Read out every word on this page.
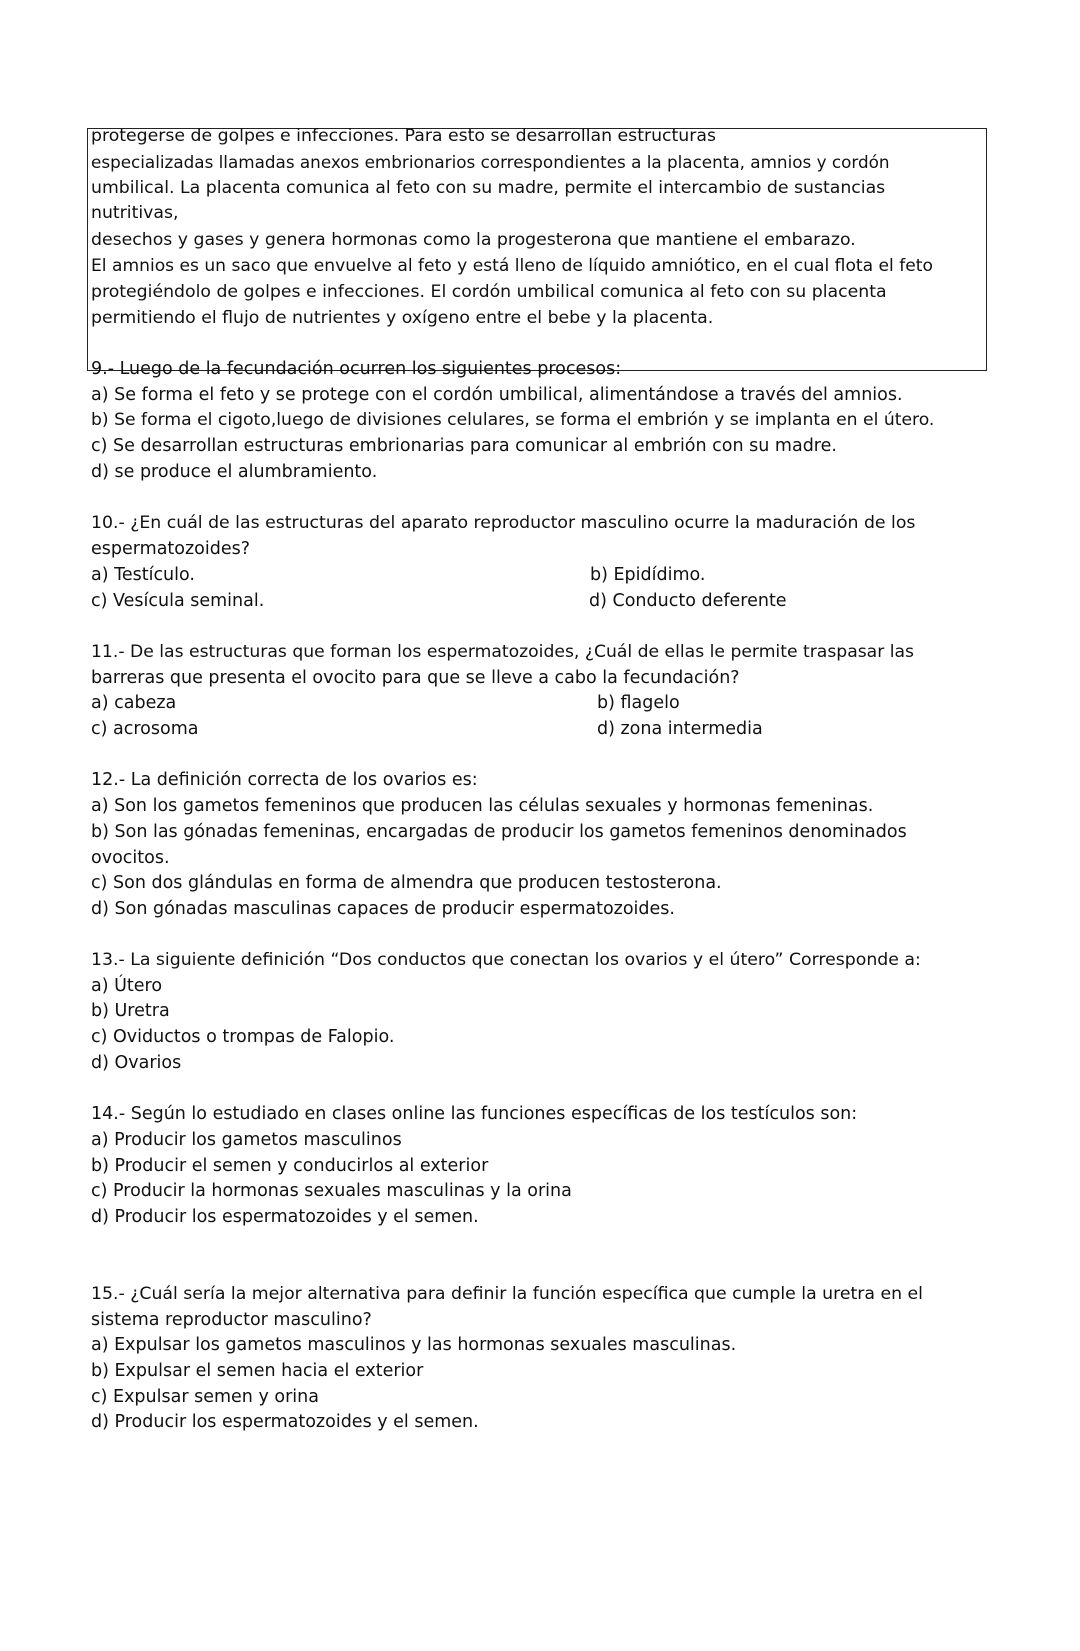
protegerse de golpes e infecciones. Para esto se desarrollan estructuras
especializadas llamadas anexos embrionarios correspondientes a la placenta, amnios y cordón
umbilical. La placenta comunica al feto con su madre, permite el intercambio de sustancias
nutritivas,
desechos y gases y genera hormonas como la progesterona que mantiene el embarazo.
El amnios es un saco que envuelve al feto y está lleno de líquido amniótico, en el cual flota el feto
protegiéndolo de golpes e infecciones. El cordón umbilical comunica al feto con su placenta
permitiendo el flujo de nutrientes y oxígeno entre el bebe y la placenta.
9.- Luego de la fecundación ocurren los siguientes procesos:
a) Se forma el feto y se protege con el cordón umbilical, alimentándose a través del amnios.
b) Se forma el cigoto,luego de divisiones celulares, se forma el embrión y se implanta en el útero.
c) Se desarrollan estructuras embrionarias para comunicar al embrión con su madre.
d) se produce el alumbramiento.
10.- ¿En cuál de las estructuras del aparato reproductor masculino ocurre la maduración de los
espermatozoides?
a) Testículo.	b) Epidídimo.
c) Vesícula seminal.	d) Conducto deferente
11.- De las estructuras que forman los espermatozoides, ¿Cuál de ellas le permite traspasar las
barreras que presenta el ovocito para que se lleve a cabo la fecundación?
a) cabeza	b) flagelo
c) acrosoma	d) zona intermedia
12.- La definición correcta de los ovarios es:
a) Son los gametos femeninos que producen las células sexuales y hormonas femeninas.
b) Son las gónadas femeninas, encargadas de producir los gametos femeninos denominados
ovocitos.
c) Son dos glándulas en forma de almendra que producen testosterona.
d) Son gónadas masculinas capaces de producir espermatozoides.
13.- La siguiente definición “Dos conductos que conectan los ovarios y el útero” Corresponde a:
a) Útero
b) Uretra
c) Oviductos o trompas de Falopio.
d) Ovarios
14.- Según lo estudiado en clases online las funciones específicas de los testículos son:
a) Producir los gametos masculinos
b) Producir el semen y conducirlos al exterior
c) Producir la hormonas sexuales masculinas y la orina
d) Producir los espermatozoides y el semen.
15.- ¿Cuál sería la mejor alternativa para definir la función específica que cumple la uretra en el
sistema reproductor masculino?
a) Expulsar los gametos masculinos y las hormonas sexuales masculinas.
b) Expulsar el semen hacia el exterior
c) Expulsar semen y orina
d) Producir los espermatozoides y el semen.
